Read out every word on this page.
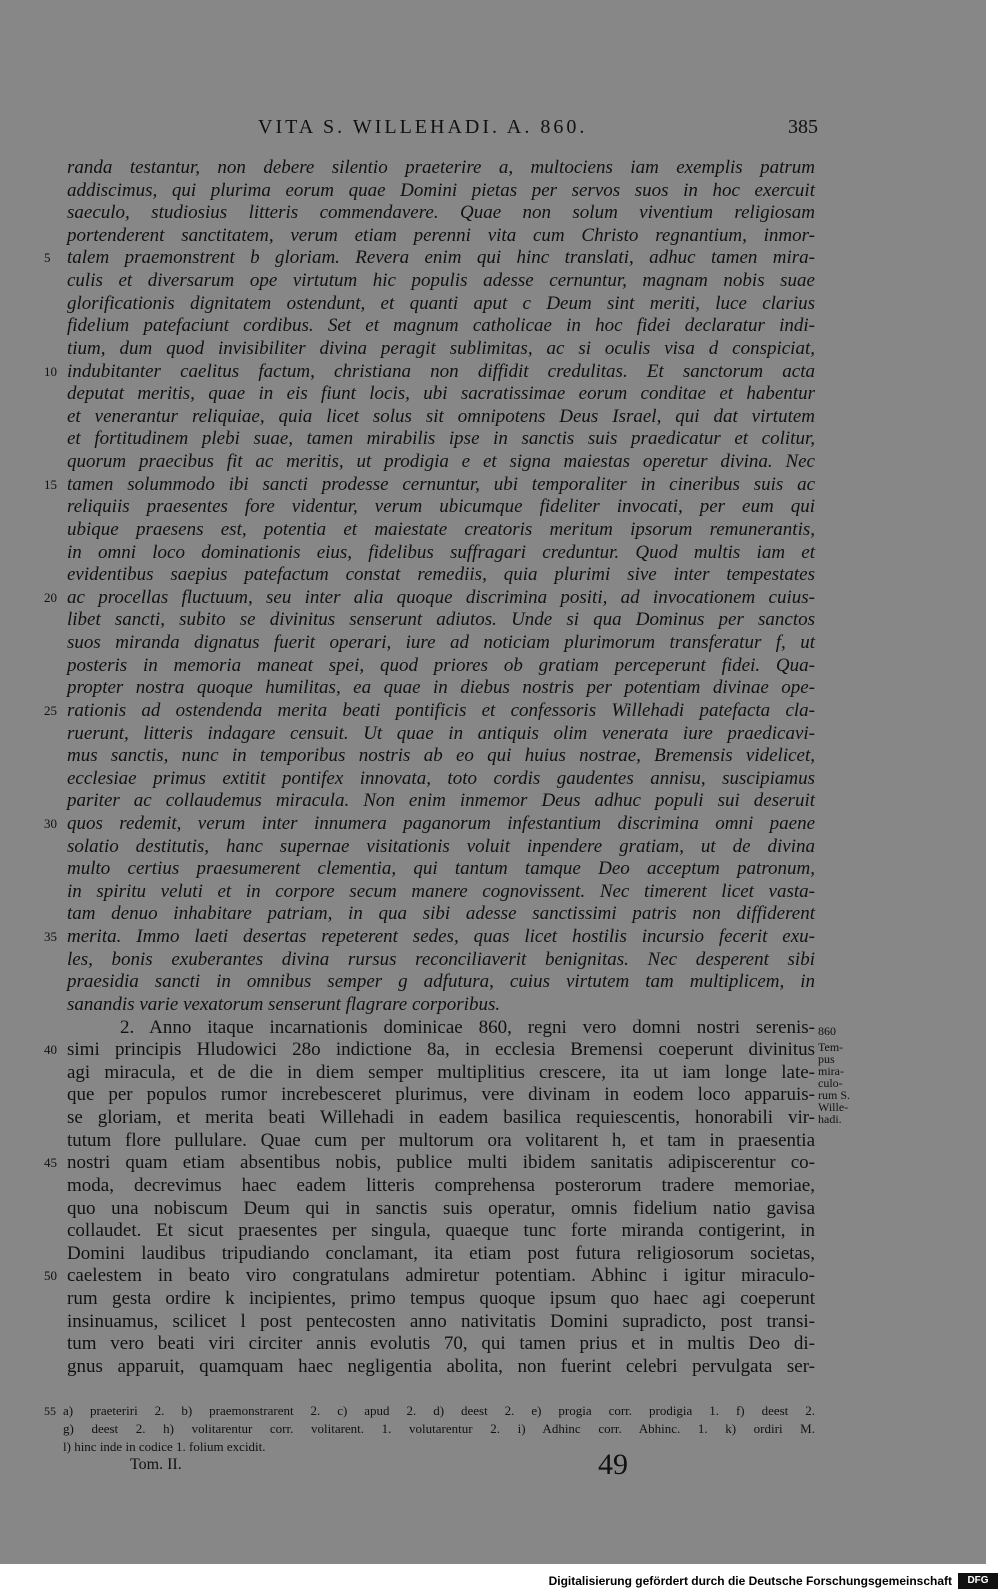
VITA S. WILLEHADI. A. 860.	385
randa testantur, non debere silentio praeterire a, multociens iam exemplis patrum
addiscimus, qui plurima eorum quae Domini pietas per servos suos in hoc exercuit
saeculo, studiosius litteris commendavere. Quae non solum viventium religiosam
portenderent sanctitatem, verum etiam perenni vita cum Christo regnantium, inmor-
talem praemonstrent b gloriam. Revera enim qui hinc translati, adhuc tamen mira-
5
culis et diversarum ope virtutum hic populis adesse cernuntur, magnam nobis suae
glorificationis dignitatem ostendunt, et quanti aput c Deum sint meriti, luce clarius
fidelium patefaciunt cordibus. Set et magnum catholicae in hoc fidei declaratur indi-
tium, dum quod invisibiliter divina peragit sublimitas, ac si oculis visa d conspiciat,
indubitanter caelitus factum, christiana non diffidit credulitas. Et sanctorum acta
10
deputat meritis, quae in eis fiunt locis, ubi sacratissimae eorum conditae et habentur
et venerantur reliquiae, quia licet solus sit omnipotens Deus Israel, qui dat virtutem
et fortitudinem plebi suae, tamen mirabilis ipse in sanctis suis praedicatur et colitur,
quorum praecibus fit ac meritis, ut prodigia e et signa maiestas operetur divina. Nec
tamen solummodo ibi sancti prodesse cernuntur, ubi temporaliter in cineribus suis ac
15
reliquiis praesentes fore videntur, verum ubicumque fideliter invocati, per eum qui
ubique praesens est, potentia et maiestate creatoris meritum ipsorum remunerantis,
in omni loco dominationis eius, fidelibus suffragari creduntur. Quod multis iam et
evidentibus saepius patefactum constat remediis, quia plurimi sive inter tempestates
ac procellas fluctuum, seu inter alia quoque discrimina positi, ad invocationem cuius-
20
libet sancti, subito se divinitus senserunt adiutos. Unde si qua Dominus per sanctos
suos miranda dignatus fuerit operari, iure ad noticiam plurimorum transferatur f, ut
posteris in memoria maneat spei, quod priores ob gratiam perceperunt fidei. Qua-
propter nostra quoque humilitas, ea quae in diebus nostris per potentiam divinae ope-
rationis ad ostendenda merita beati pontificis et confessoris Willehadi patefacta cla-
25
ruerunt, litteris indagare censuit. Ut quae in antiquis olim venerata iure praedicavi-
mus sanctis, nunc in temporibus nostris ab eo qui huius nostrae, Bremensis videlicet,
ecclesiae primus extitit pontifex innovata, toto cordis gaudentes annisu, suscipiamus
pariter ac collaudemus miracula. Non enim inmemor Deus adhuc populi sui deseruit
quos redemit, verum inter innumera paganorum infestantium discrimina omni paene
30
solatio destitutis, hanc supernae visitationis voluit inpendere gratiam, ut de divina
multo certius praesumerent clementia, qui tantum tamque Deo acceptum patronum,
in spiritu veluti et in corpore secum manere cognovissent. Nec timerent licet vasta-
tam denuo inhabitare patriam, in qua sibi adesse sanctissimi patris non diffiderent
merita. Immo laeti desertas repeterent sedes, quas licet hostilis incursio fecerit exu-
35
les, bonis exuberantes divina rursus reconciliaverit benignitas. Nec desperent sibi
praesidia sancti in omnibus semper g adfutura, cuius virtutem tam multiplicem, in
sanandis varie vexatorum senserunt flagrare corporibus.
2. Anno itaque incarnationis dominicae 860, regni vero domni nostri serenis-
simi principis Hludowici 28o indictione 8a, in ecclesia Bremensi coeperunt divinitus
40
agi miracula, et de die in diem semper multiplitius crescere, ita ut iam longe late-
que per populos rumor increbesceret plurimus, vere divinam in eodem loco apparuis-
se gloriam, et merita beati Willehadi in eadem basilica requiescentis, honorabili vir-
tutum flore pullulare. Quae cum per multorum ora volitarent h, et tam in praesentia
nostri quam etiam absentibus nobis, publice multi ibidem sanitatis adipiscerentur co-
45
moda, decrevimus haec eadem litteris comprehensa posterorum tradere memoriae,
quo una nobiscum Deum qui in sanctis suis operatur, omnis fidelium natio gavisa
collaudet. Et sicut praesentes per singula, quaeque tunc forte miranda contigerint, in
Domini laudibus tripudiando conclamant, ita etiam post futura religiosorum societas,
caelestem in beato viro congratulans admiretur potentiam. Abhinc i igitur miraculo-
50
rum gesta ordire k incipientes, primo tempus quoque ipsum quo haec agi coeperunt
insinuamus, scilicet l post pentecosten anno nativitatis Domini supradicto, post transi-
tum vero beati viri circiter annis evolutis 70, qui tamen prius et in multis Deo di-
gnus apparuit, quamquam haec negligentia abolita, non fuerint celebri pervulgata ser-
860
Tem-
pus
mira-
culo-
rum S.
Wille-
hadi.
55 a) praeteriri 2. b) praemonstrarent 2. c) apud 2. d) deest 2. e) progia corr. prodigia 1. f) deest 2.
g) deest 2. h) volitarentur corr. volitarent. 1. volutarentur 2. i) Adhinc corr. Abhinc. 1. k) ordiri M.
l) hinc inde in codice 1. folium excidit.
Tom. II.	49
Digitalisierung gefördert durch die Deutsche Forschungsgemeinschaft	DFG
